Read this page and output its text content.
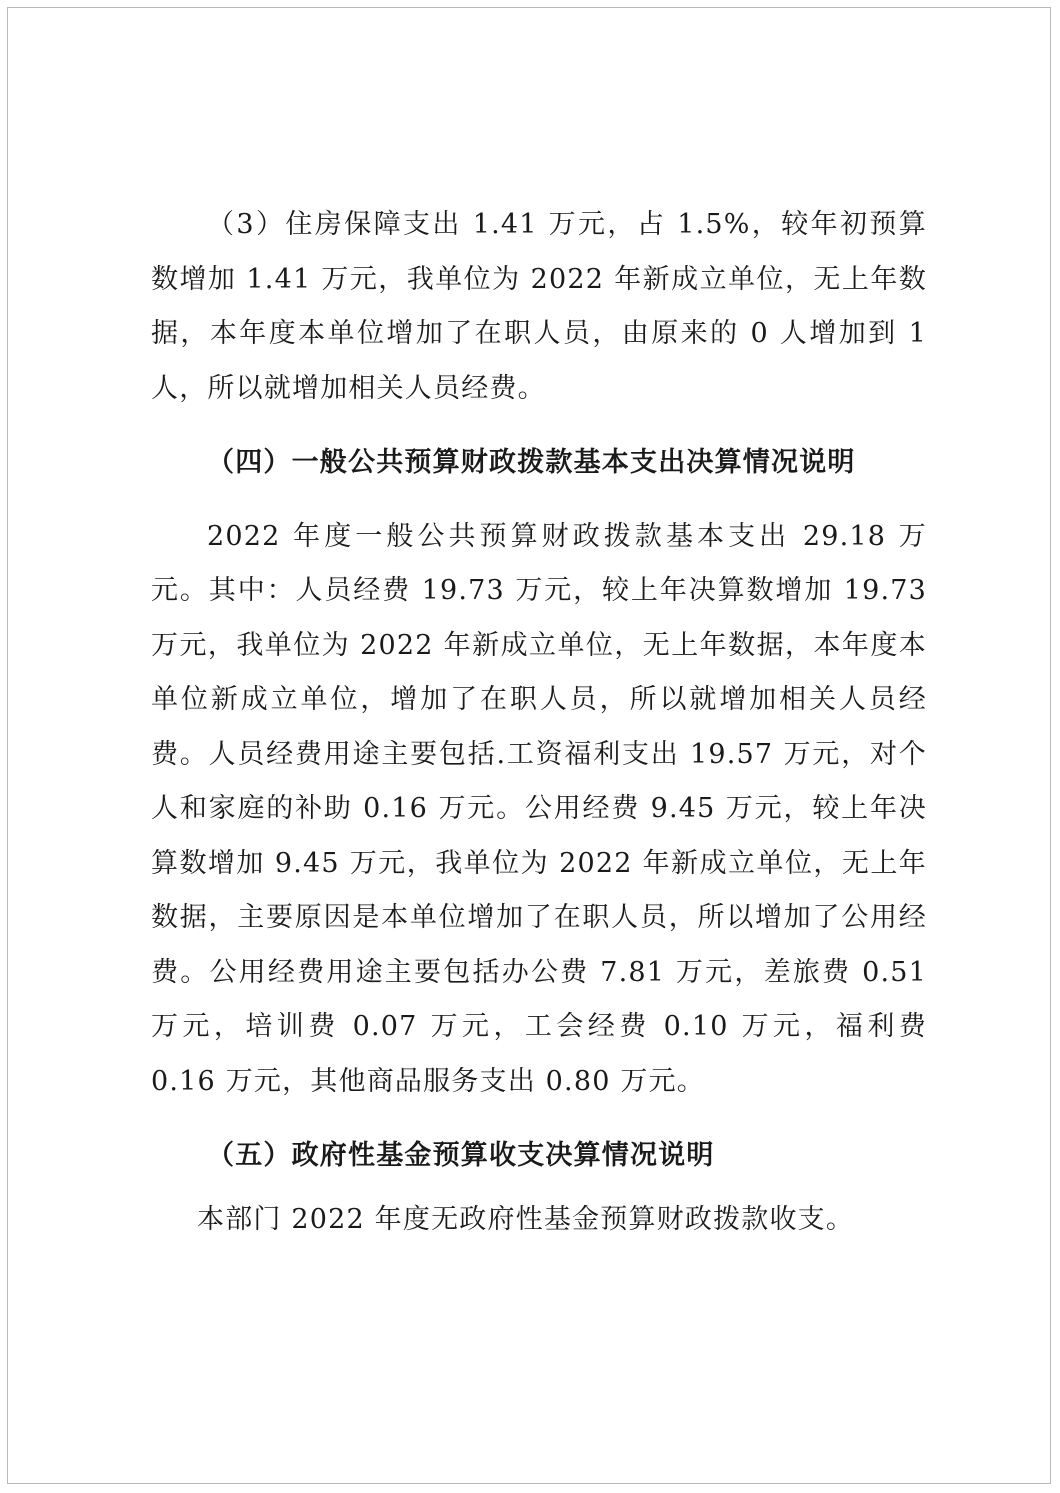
（3）住房保障支出 1.41 万元，占 1.5%，较年初预算数增加 1.41 万元，我单位为 2022 年新成立单位，无上年数据，本年度本单位增加了在职人员，由原来的 0 人增加到 1 人，所以就增加相关人员经费。

（四）一般公共预算财政拨款基本支出决算情况说明

2022 年度一般公共预算财政拨款基本支出 29.18 万元。其中：人员经费 19.73 万元，较上年决算数增加 19.73 万元，我单位为 2022 年新成立单位，无上年数据，本年度本单位新成立单位，增加了在职人员，所以就增加相关人员经费。人员经费用途主要包括.工资福利支出 19.57 万元，对个人和家庭的补助 0.16 万元。公用经费 9.45 万元，较上年决算数增加 9.45 万元，我单位为 2022 年新成立单位，无上年数据，主要原因是本单位增加了在职人员，所以增加了公用经费。公用经费用途主要包括办公费 7.81 万元，差旅费 0.51 万元，培训费 0.07 万元，工会经费 0.10 万元，福利费 0.16 万元，其他商品服务支出 0.80 万元。

（五）政府性基金预算收支决算情况说明

本部门 2022 年度无政府性基金预算财政拨款收支。
